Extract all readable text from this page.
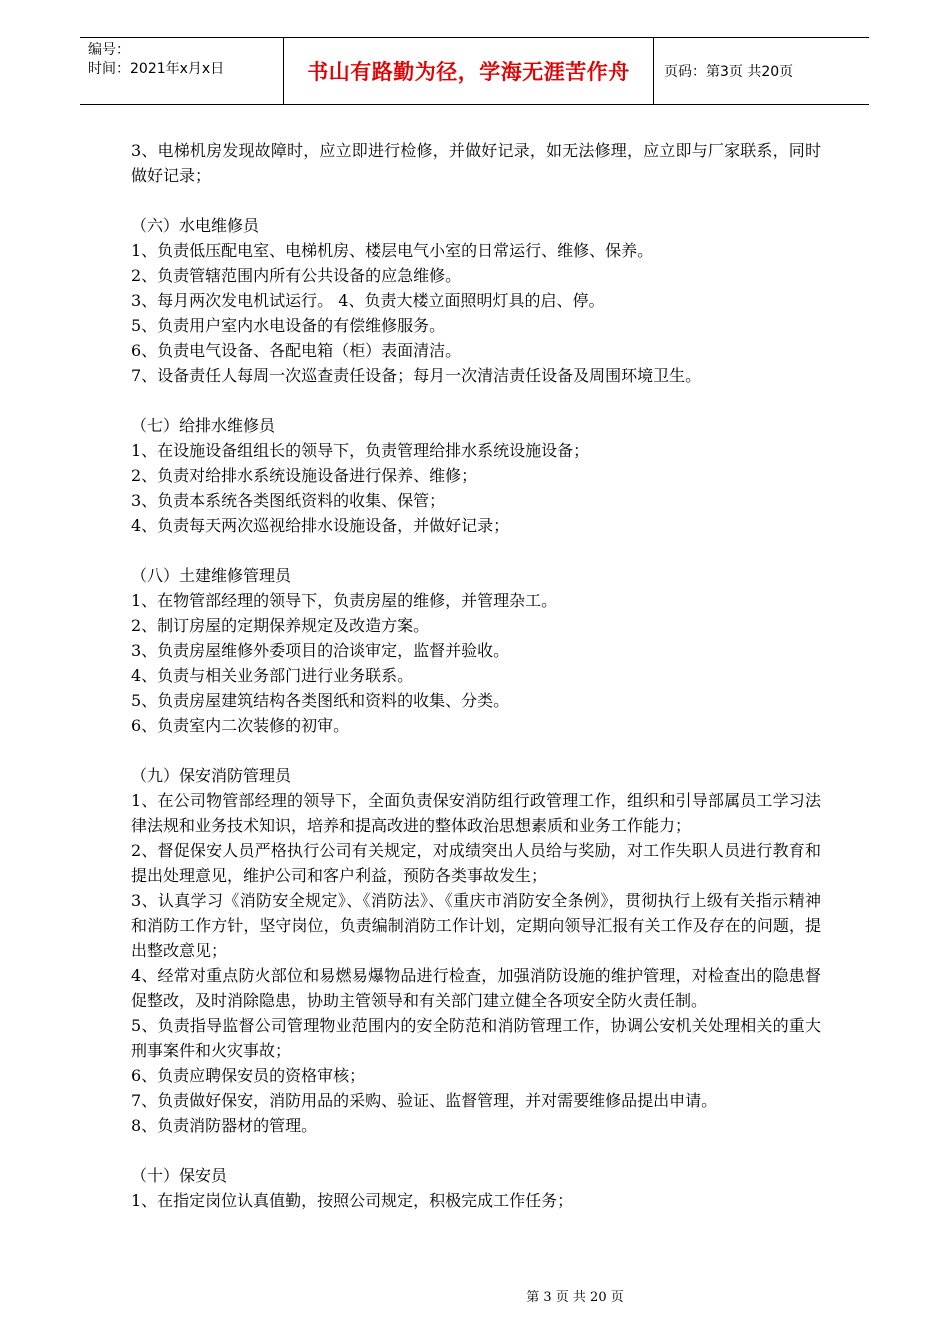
编号：
时间：2021年x月x日	书山有路勤为径，学海无涯苦作舟 页码：第3页 共20页

3、电梯机房发现故障时，应立即进行检修，并做好记录，如无法修理，应立即与厂家联系，同时做好记录；

（六）水电维修员

1、负责低压配电室、电梯机房、楼层电气小室的日常运行、维修、保养。

2、负责管辖范围内所有公共设备的应急维修。

3、每月两次发电机试运行。 4、负责大楼立面照明灯具的启、停。

5、负责用户室内水电设备的有偿维修服务。

6、负责电气设备、各配电箱（柜）表面清洁。

7、设备责任人每周一次巡查责任设备；每月一次清洁责任设备及周围环境卫生。

（七）给排水维修员

1、在设施设备组组长的领导下，负责管理给排水系统设施设备；

2、负责对给排水系统设施设备进行保养、维修；

3、负责本系统各类图纸资料的收集、保管；

4、负责每天两次巡视给排水设施设备，并做好记录；

（八）土建维修管理员

1、在物管部经理的领导下，负责房屋的维修，并管理杂工。

2、制订房屋的定期保养规定及改造方案。

3、负责房屋维修外委项目的洽谈审定，监督并验收。

4、负责与相关业务部门进行业务联系。

5、负责房屋建筑结构各类图纸和资料的收集、分类。

6、负责室内二次装修的初审。

（九）保安消防管理员

1、在公司物管部经理的领导下，全面负责保安消防组行政管理工作，组织和引导部属员工学习法律法规和业务技术知识，培养和提高改进的整体政治思想素质和业务工作能力；

2、督促保安人员严格执行公司有关规定，对成绩突出人员给与奖励，对工作失职人员进行教育和提出处理意见，维护公司和客户利益，预防各类事故发生；

3、认真学习《消防安全规定》、《消防法》、《重庆市消防安全条例》，贯彻执行上级有关指示精神和消防工作方针，坚守岗位，负责编制消防工作计划，定期向领导汇报有关工作及存在的问题，提出整改意见；

4、经常对重点防火部位和易燃易爆物品进行检查，加强消防设施的维护管理，对检查出的隐患督促整改，及时消除隐患，协助主管领导和有关部门建立健全各项安全防火责任制。

5、负责指导监督公司管理物业范围内的安全防范和消防管理工作，协调公安机关处理相关的重大刑事案件和火灾事故；

6、负责应聘保安员的资格审核；

7、负责做好保安，消防用品的采购、验证、监督管理，并对需要维修品提出申请。

8、负责消防器材的管理。

（十）保安员

1、在指定岗位认真值勤，按照公司规定，积极完成工作任务；

第 3 页 共 20 页
